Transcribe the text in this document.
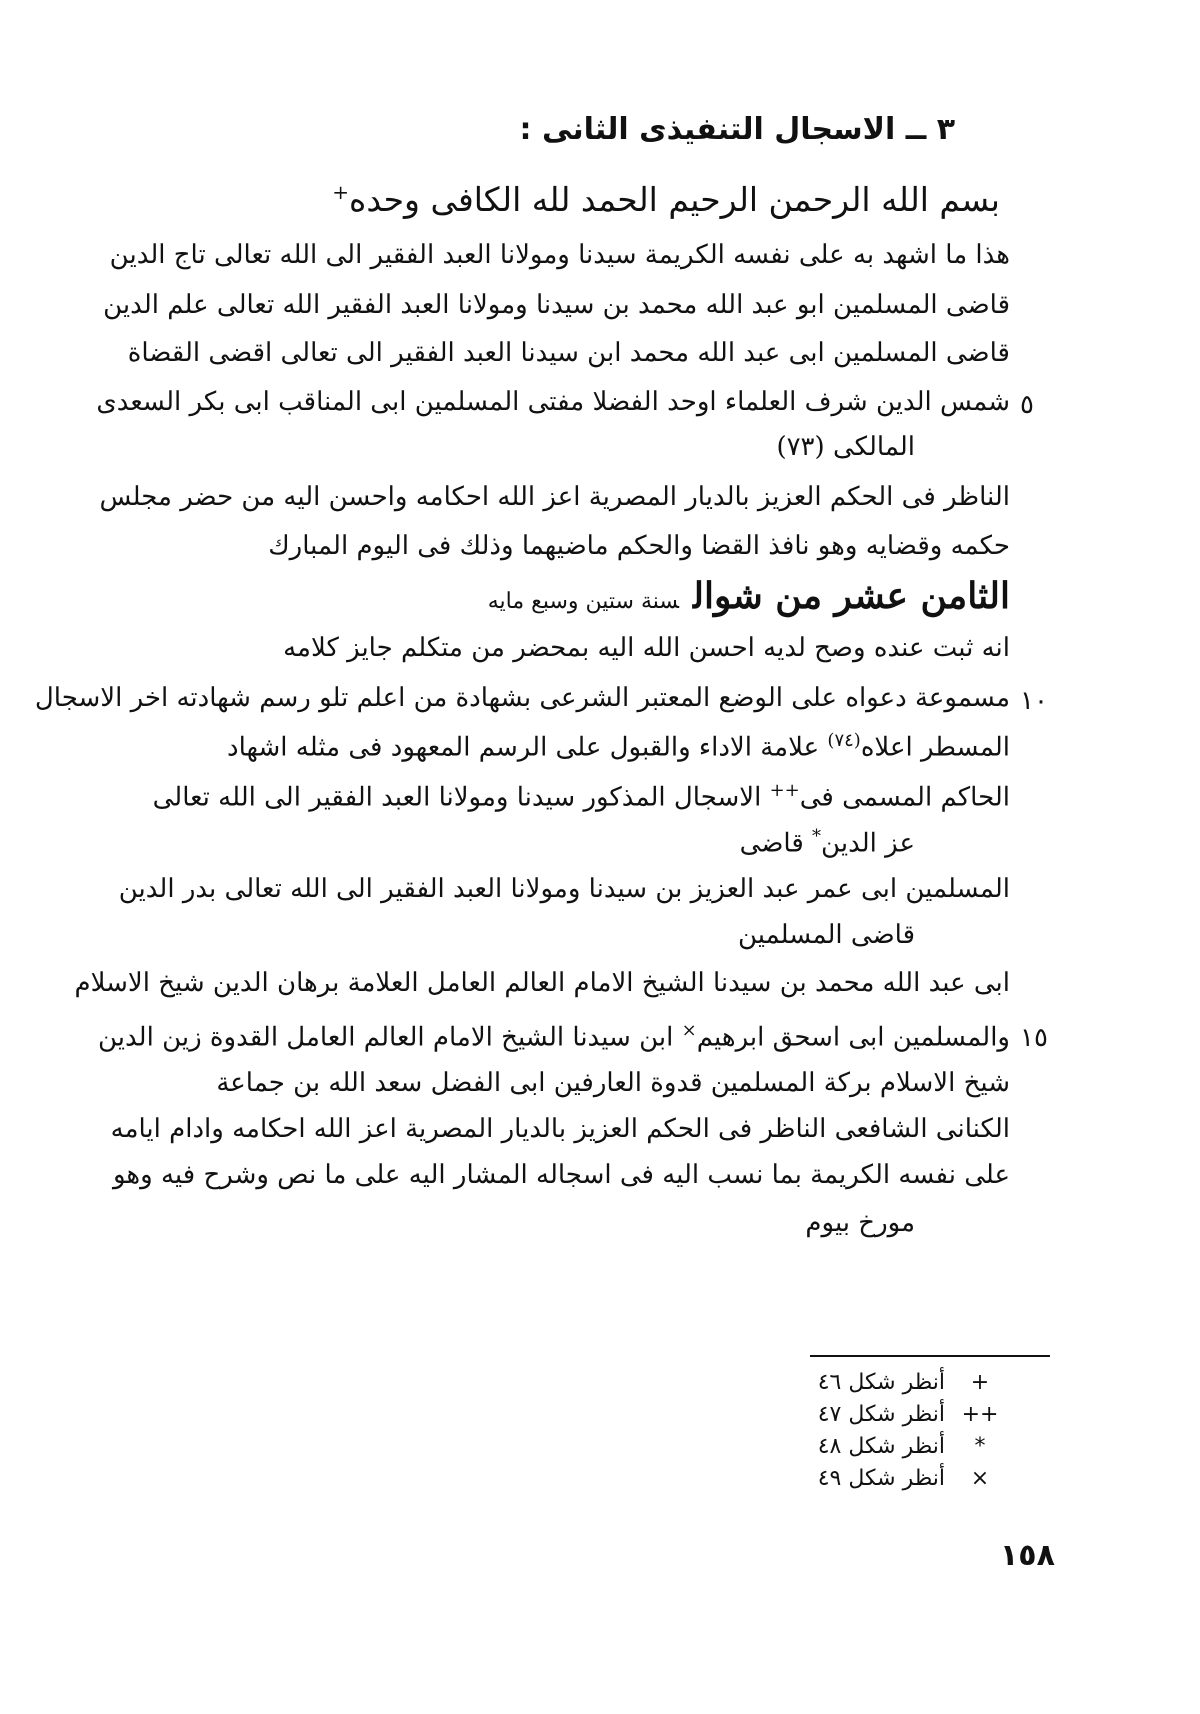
٣ ــ الاسجال التنفيذى الثانى :
بسم الله الرحمن الرحيم الحمد لله الكافى وحده+
هذا ما اشهد به على نفسه الكريمة سيدنا ومولانا العبد الفقير الى الله تعالى تاج الدين
قاضى المسلمين ابو عبد الله محمد بن سيدنا ومولانا العبد الفقير الله تعالى علم الدين
قاضى المسلمين ابى عبد الله محمد ابن سيدنا العبد الفقير الى تعالى اقضى القضاة
شمس الدين شرف العلماء اوحد الفضلا مفتى المسلمين ابى المناقب ابى بكر السعدى ٥
المالكى (٧٣)
الناظر فى الحكم العزيز بالديار المصرية اعز الله احكامه واحسن اليه من حضر مجلس
حكمه وقضايه وهو نافذ القضا والحكم ماضيهما وذلك فى اليوم المبارك
الثامن عشر من شوالسنة ستين وسبع مايه
انه ثبت عنده وصح لديه احسن الله اليه بمحضر من متكلم جايز كلامه
مسموعة دعواه على الوضع المعتبر الشرعى بشهادة من اعلم تلو رسم شهادته اخر الاسجال ١٠
المسطر اعلاه$^{(٧٤)}$ علامة الاداء والقبول على الرسم المعهود فى مثله اشهاد
الحاكم المسمى فى++ الاسجال المذكور سيدنا ومولانا العبد الفقير الى الله تعالى
عز الدين* قاضى
المسلمين ابى عمر عبد العزيز بن سيدنا ومولانا العبد الفقير الى الله تعالى بدر الدين
قاضى المسلمين
ابى عبد الله محمد بن سيدنا الشيخ الامام العالم العامل العلامة برهان الدين شيخ الاسلام
والمسلمين ابى اسحق ابرهيم× ابن سيدنا الشيخ الامام العالم العامل القدوة زين الدين	١٥
شيخ الاسلام بركة المسلمين قدوة العارفين ابى الفضل سعد الله بن جماعة
الكنانى الشافعى الناظر فى الحكم العزيز بالديار المصرية اعز الله احكامه وادام ايامه
على نفسه الكريمة بما نسب اليه فى اسجاله المشار اليه على ما نص وشرح فيه وهو
مورخ بيوم
+
أنظر شكل ٤٦
++
أنظر شكل ٤٧
*
أنظر شكل ٤٨
×
أنظر شكل ٤٩
١٥٨
